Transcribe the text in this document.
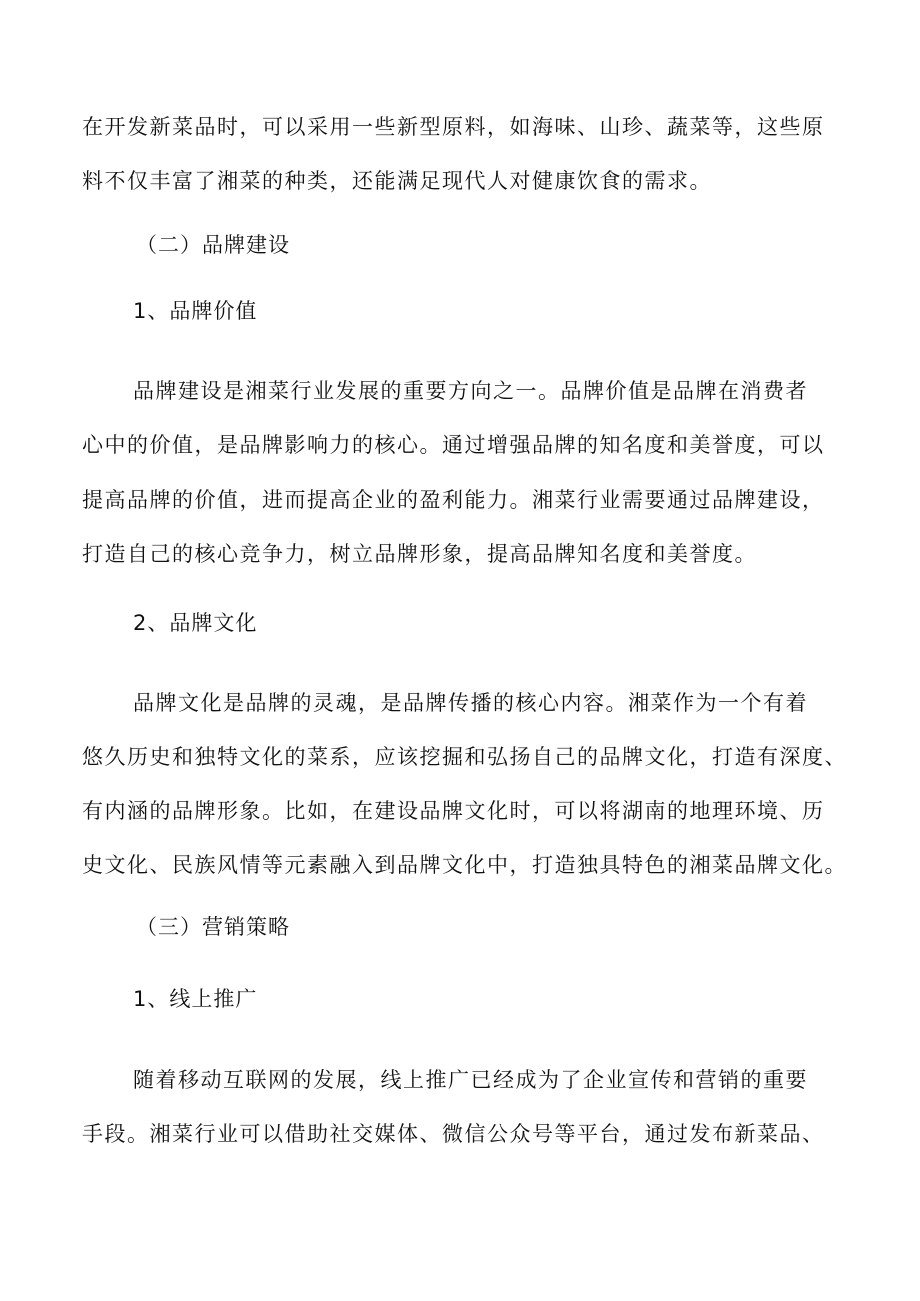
在开发新菜品时，可以采用一些新型原料，如海味、山珍、蔬菜等，这些原
料不仅丰富了湘菜的种类，还能满足现代人对健康饮食的需求。
（二）品牌建设
1、品牌价值
品牌建设是湘菜行业发展的重要方向之一。品牌价值是品牌在消费者
心中的价值，是品牌影响力的核心。通过增强品牌的知名度和美誉度，可以
提高品牌的价值，进而提高企业的盈利能力。湘菜行业需要通过品牌建设，
打造自己的核心竞争力，树立品牌形象，提高品牌知名度和美誉度。
2、品牌文化
品牌文化是品牌的灵魂，是品牌传播的核心内容。湘菜作为一个有着
悠久历史和独特文化的菜系，应该挖掘和弘扬自己的品牌文化，打造有深度、
有内涵的品牌形象。比如，在建设品牌文化时，可以将湖南的地理环境、历
史文化、民族风情等元素融入到品牌文化中，打造独具特色的湘菜品牌文化。
（三）营销策略
1、线上推广
随着移动互联网的发展，线上推广已经成为了企业宣传和营销的重要
手段。湘菜行业可以借助社交媒体、微信公众号等平台，通过发布新菜品、
